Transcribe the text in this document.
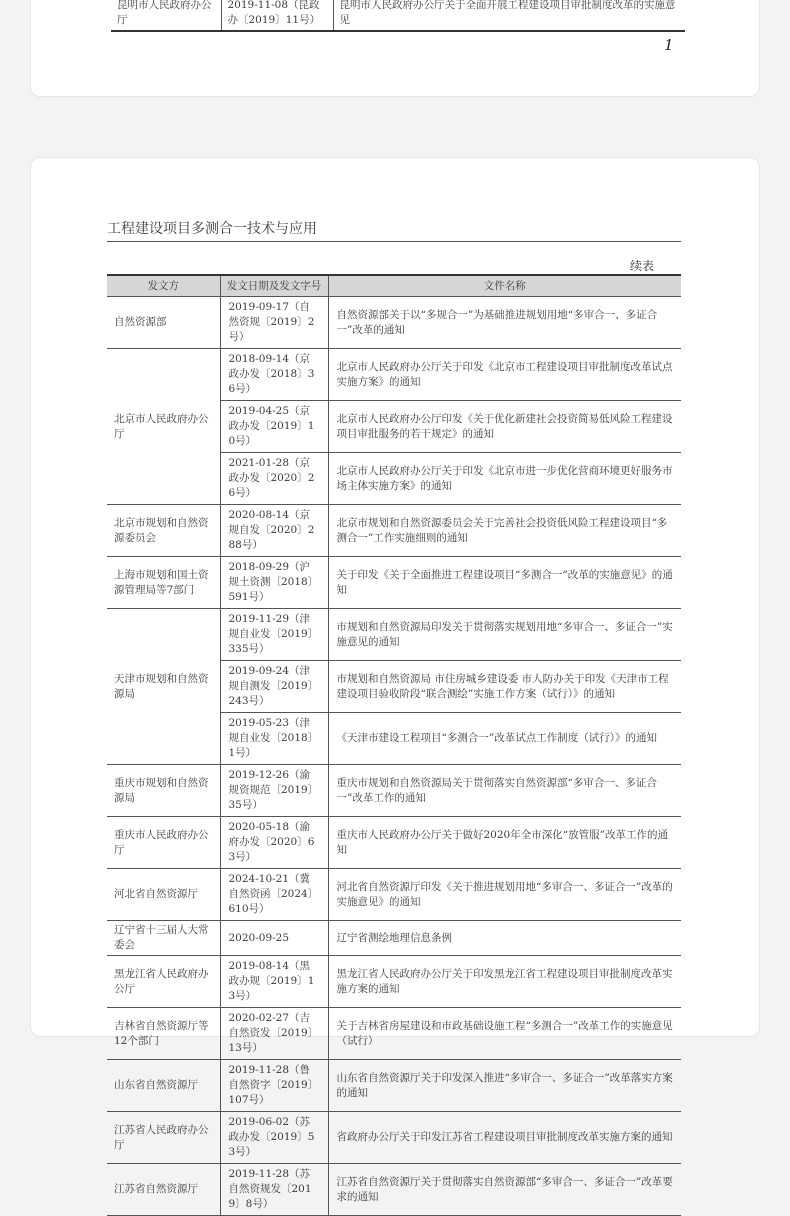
昆明市人民政府办公厅	2019-11-08（昆政办〔2019〕11号）	昆明市人民政府办公厅关于全面开展工程建设项目审批制度改革的实施意见
1
工程建设项目多测合一技术与应用
续表
发文方	发文日期及发文字号	文件名称
自然资源部	2019-09-17（自然资规〔2019〕2号）	自然资源部关于以“多规合一”为基础推进规划用地“多审合一、多证合一”改革的通知
北京市人民政府办公厅	2018-09-14（京政办发〔2018〕36号）	北京市人民政府办公厅关于印发《北京市工程建设项目审批制度改革试点实施方案》的通知
	2019-04-25（京政办发〔2019〕10号）	北京市人民政府办公厅印发《关于优化新建社会投资简易低风险工程建设项目审批服务的若干规定》的通知
	2021-01-28（京政办发〔2020〕26号）	北京市人民政府办公厅关于印发《北京市进一步优化营商环境更好服务市场主体实施方案》的通知
北京市规划和自然资源委员会	2020-08-14（京规自发〔2020〕288号）	北京市规划和自然资源委员会关于完善社会投资低风险工程建设项目“多测合一”工作实施细则的通知
上海市规划和国土资源管理局等7部门	2018-09-29（沪规土资测〔2018〕591号）	关于印发《关于全面推进工程建设项目“多测合一”改革的实施意见》的通知
天津市规划和自然资源局	2019-11-29（津规自业发〔2019〕335号）	市规划和自然资源局印发关于贯彻落实规划用地“多审合一、多证合一”实施意见的通知
	2019-09-24（津规自测发〔2019〕243号）	市规划和自然资源局 市住房城乡建设委 市人防办关于印发《天津市工程建设项目验收阶段“联合测绘”实施工作方案（试行）》的通知
	2019-05-23（津规自业发〔2018〕1号）	《天津市建设工程项目“多测合一”改革试点工作制度（试行）》的通知
重庆市规划和自然资源局	2019-12-26（渝规资规范〔2019〕35号）	重庆市规划和自然资源局关于贯彻落实自然资源部“多审合一、多证合一”改革工作的通知
重庆市人民政府办公厅	2020-05-18（渝府办发〔2020〕63号）	重庆市人民政府办公厅关于做好2020年全市深化“放管服”改革工作的通知
河北省自然资源厅	2024-10-21（冀自然资函〔2024〕610号）	河北省自然资源厅印发《关于推进规划用地“多审合一、多证合一”改革的实施意见》的通知
辽宁省十三届人大常委会	2020-09-25	辽宁省测绘地理信息条例
黑龙江省人民政府办公厅	2019-08-14（黑政办规〔2019〕13号）	黑龙江省人民政府办公厅关于印发黑龙江省工程建设项目审批制度改革实施方案的通知
吉林省自然资源厅等12个部门	2020-02-27（吉自然资发〔2019〕13号）	关于吉林省房屋建设和市政基础设施工程“多测合一”改革工作的实施意见（试行）
山东省自然资源厅	2019-11-28（鲁自然资字〔2019〕107号）	山东省自然资源厅关于印发深入推进“多审合一、多证合一”改革落实方案的通知
江苏省人民政府办公厅	2019-06-02（苏政办发〔2019〕53号）	省政府办公厅关于印发江苏省工程建设项目审批制度改革实施方案的通知
江苏省自然资源厅	2019-11-28（苏自然资规发〔2019〕8号）	江苏省自然资源厅关于贯彻落实自然资源部“多审合一、多证合一”改革要求的通知
